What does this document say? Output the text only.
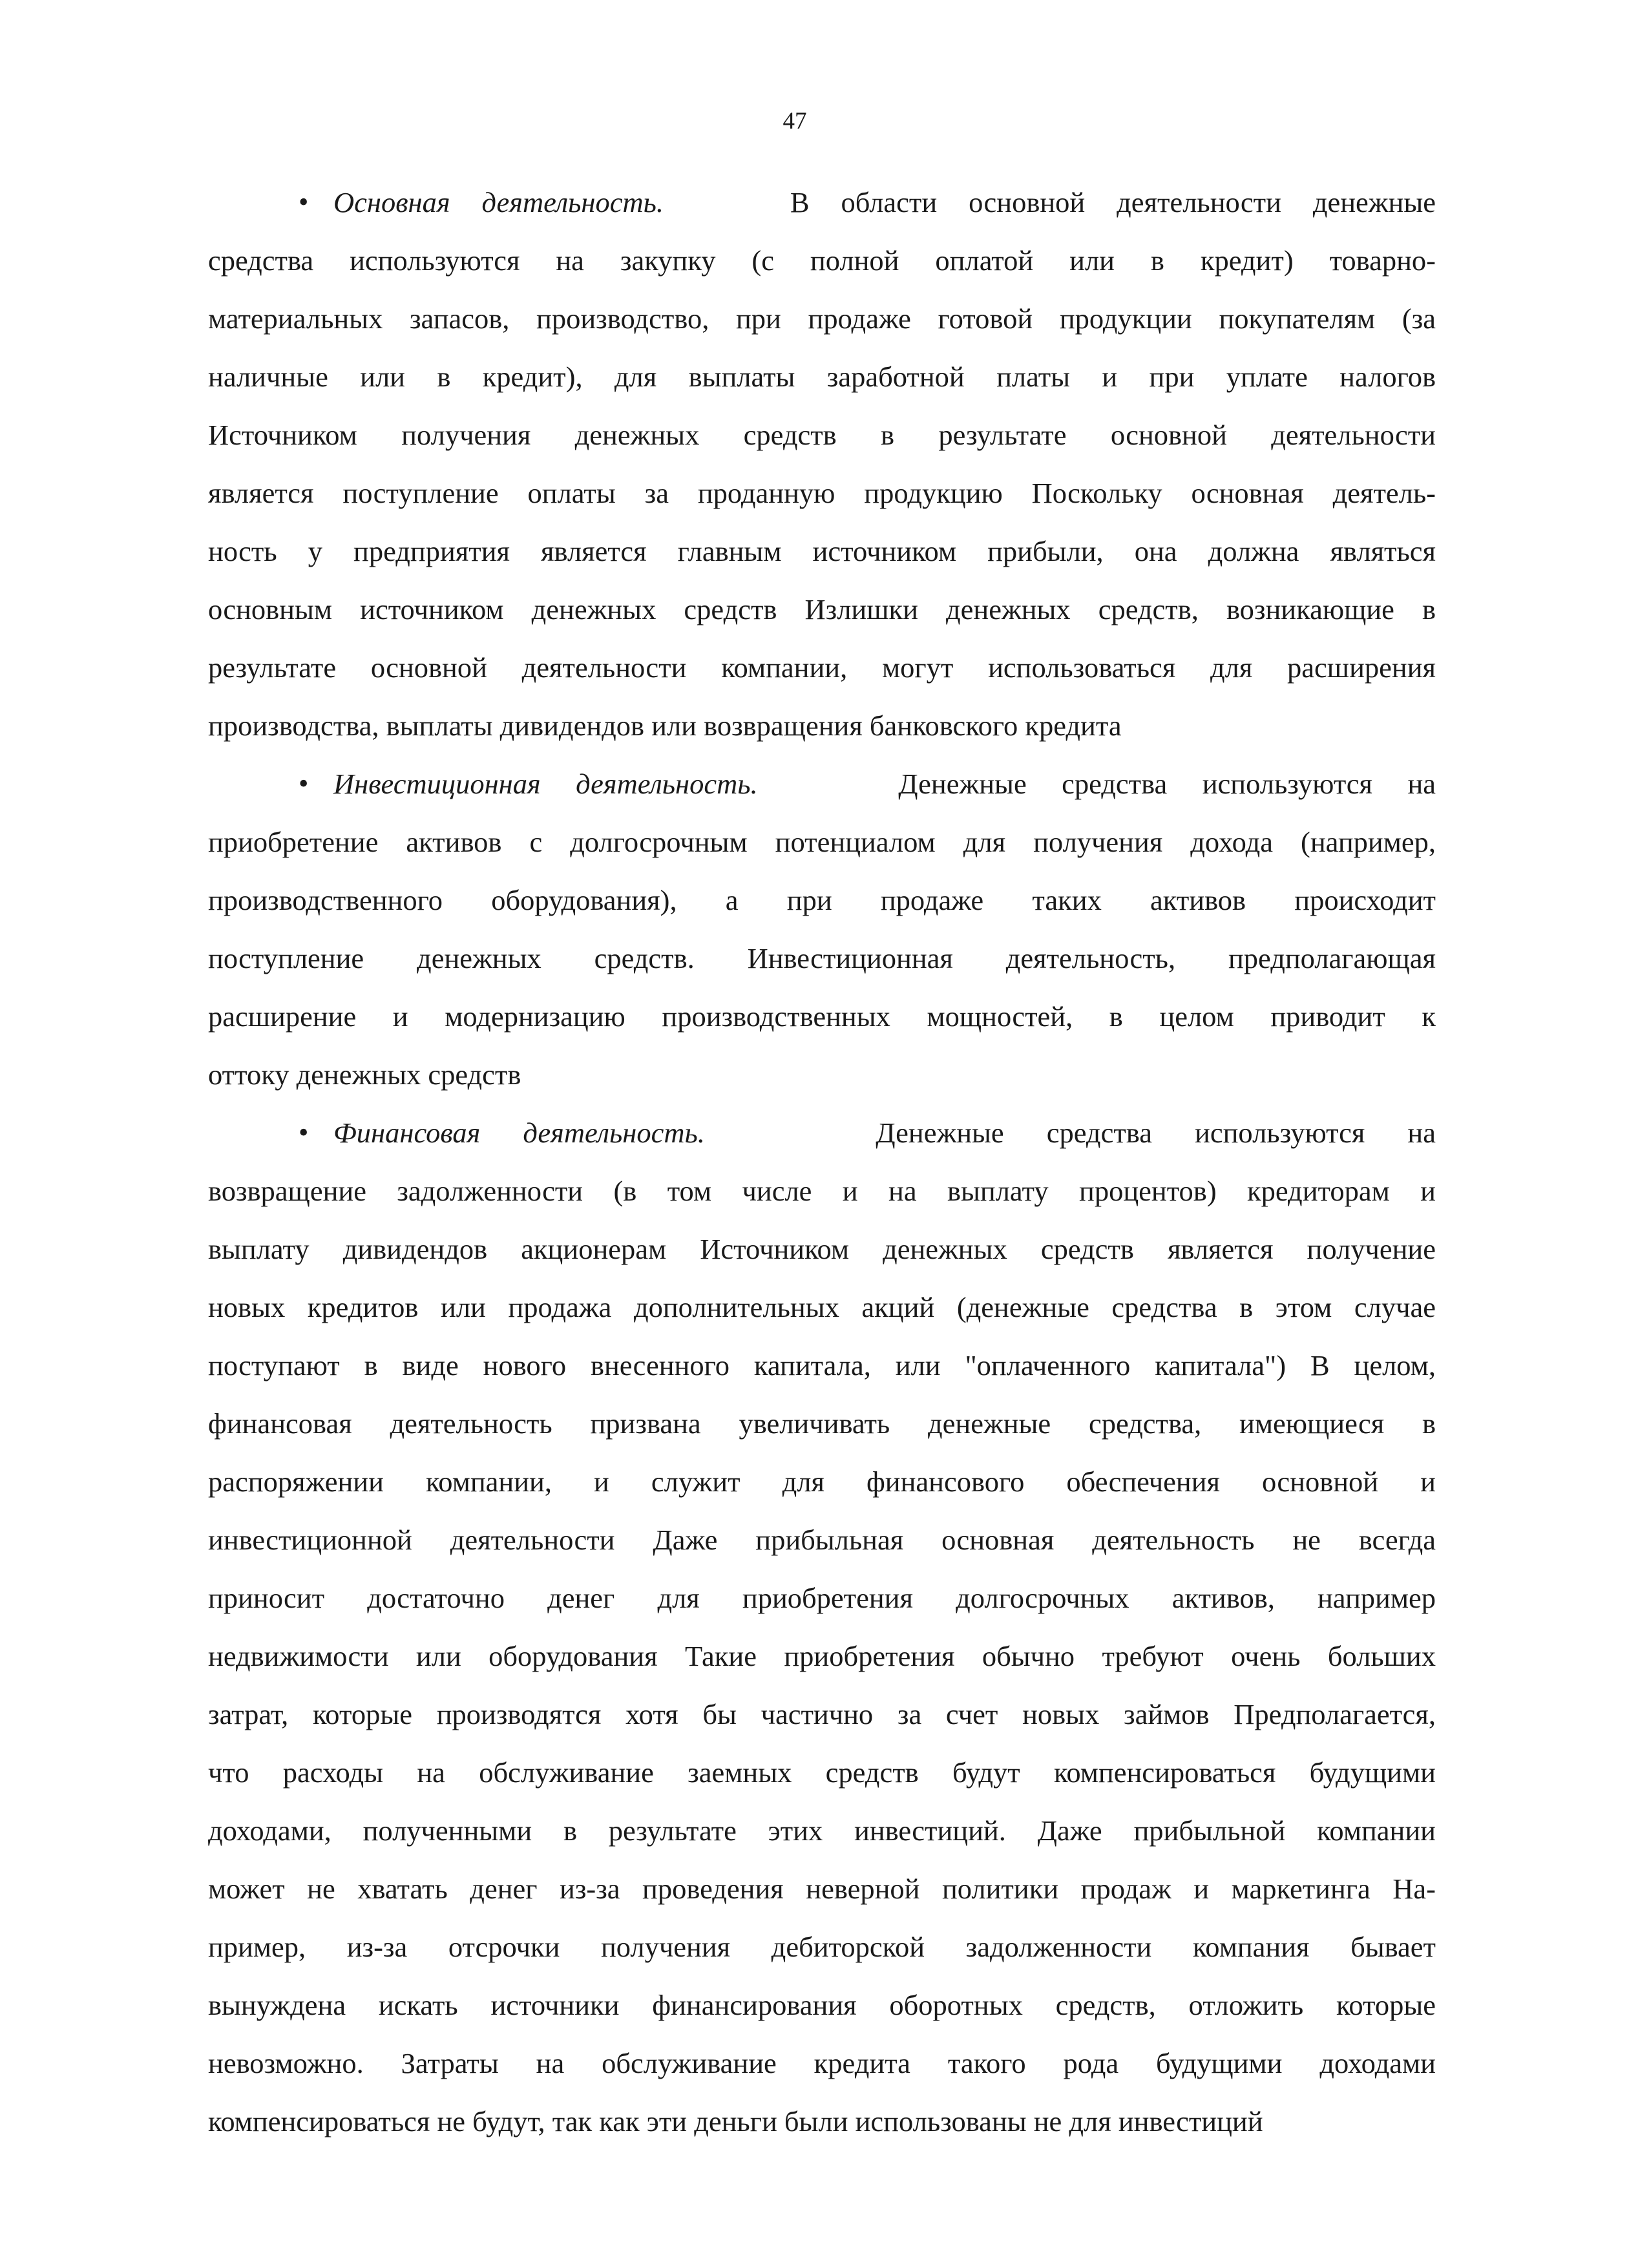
47
• Основная деятельность.	В области основной деятельности денежные
средства используются на закупку (с полной оплатой или в кредит) товарно-
материальных запасов, производство, при продаже готовой продукции покупателям (за
наличные или в кредит), для выплаты заработной платы и при уплате налогов
Источником получения денежных средств в результате основной деятельности
является поступление оплаты за проданную продукцию Поскольку основная деятель-
ность у предприятия является главным источником прибыли, она должна являться
основным источником денежных средств Излишки денежных средств, возникающие в
результате основной деятельности компании, могут использоваться для расширения
производства, выплаты дивидендов или возвращения банковского кредита
• Инвестиционная деятельность.	Денежные средства используются на
приобретение активов с долгосрочным потенциалом для получения дохода (например,
производственного оборудования), а при продаже таких активов происходит
поступление денежных средств. Инвестиционная деятельность, предполагающая
расширение и модернизацию производственных мощностей, в целом приводит к
оттоку денежных средств
• Финансовая деятельность.	Денежные средства используются на
возвращение задолженности (в том числе и на выплату процентов) кредиторам и
выплату дивидендов акционерам Источником денежных средств является получение
новых кредитов или продажа дополнительных акций (денежные средства в этом случае
поступают в виде нового внесенного капитала, или "оплаченного капитала") В целом,
финансовая деятельность призвана увеличивать денежные средства, имеющиеся в
распоряжении компании, и служит для финансового обеспечения основной и
инвестиционной деятельности Даже прибыльная основная деятельность не всегда
приносит достаточно денег для приобретения долгосрочных активов, например
недвижимости или оборудования Такие приобретения обычно требуют очень больших
затрат, которые производятся хотя бы частично за счет новых займов Предполагается,
что расходы на обслуживание заемных средств будут компенсироваться будущими
доходами, полученными в результате этих инвестиций. Даже прибыльной компании
может не хватать денег из-за проведения неверной политики продаж и маркетинга На-
пример, из-за отсрочки получения дебиторской задолженности компания бывает
вынуждена искать источники финансирования оборотных средств, отложить которые
невозможно. Затраты на обслуживание кредита такого рода будущими доходами
компенсироваться не будут, так как эти деньги были использованы не для инвестиций
